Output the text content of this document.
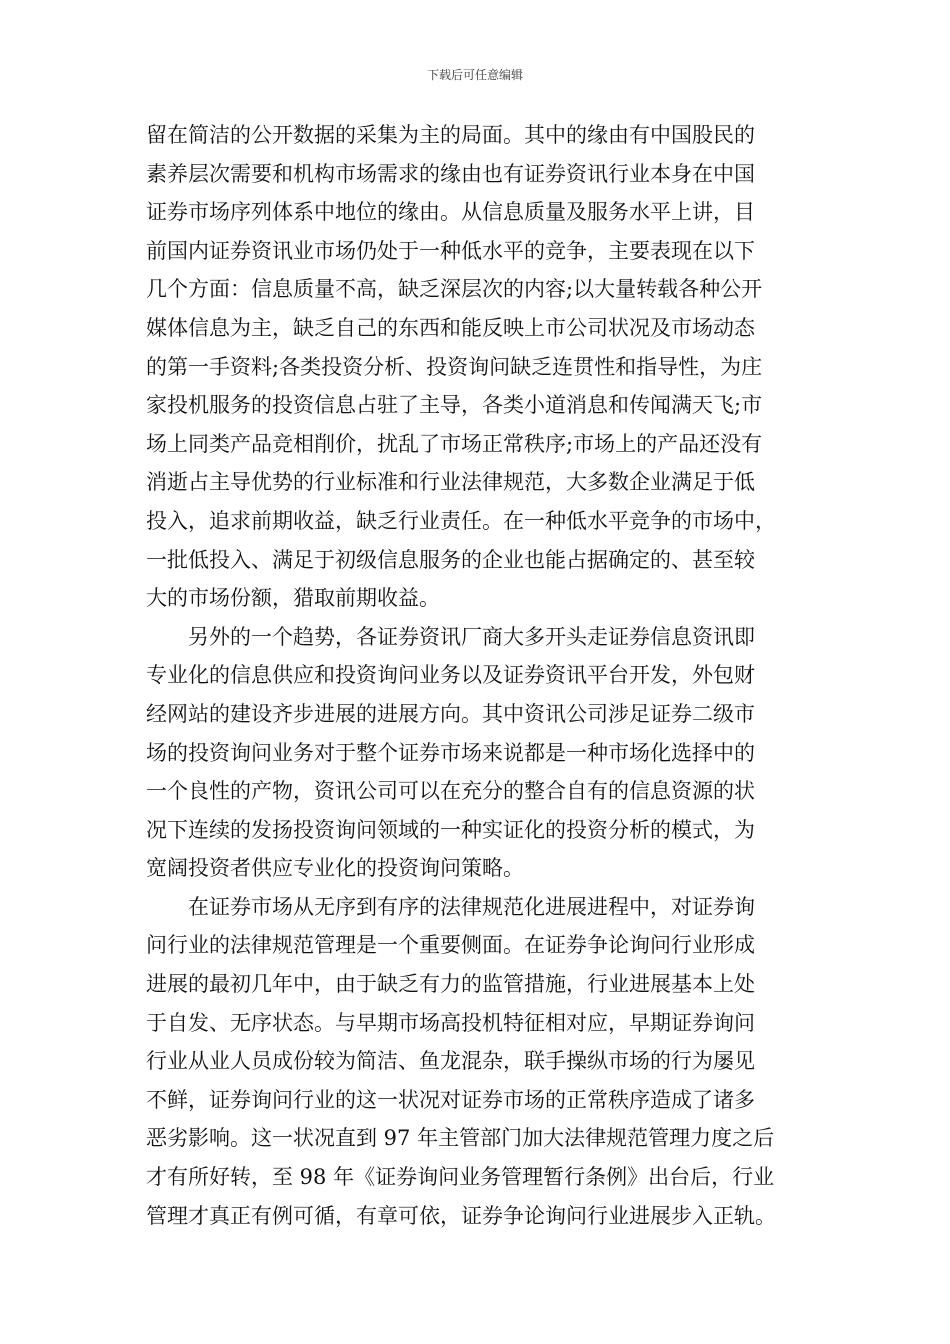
下载后可任意编辑

留在简洁的公开数据的采集为主的局面。其中的缘由有中国股民的
素养层次需要和机构市场需求的缘由也有证券资讯行业本身在中国
证券市场序列体系中地位的缘由。从信息质量及服务水平上讲，目
前国内证券资讯业市场仍处于一种低水平的竞争，主要表现在以下
几个方面：信息质量不高，缺乏深层次的内容;以大量转载各种公开
媒体信息为主，缺乏自己的东西和能反映上市公司状况及市场动态
的第一手资料;各类投资分析、投资询问缺乏连贯性和指导性，为庄
家投机服务的投资信息占驻了主导，各类小道消息和传闻满天飞;市
场上同类产品竞相削价，扰乱了市场正常秩序;市场上的产品还没有
消逝占主导优势的行业标准和行业法律规范，大多数企业满足于低
投入，追求前期收益，缺乏行业责任。在一种低水平竞争的市场中，
一批低投入、满足于初级信息服务的企业也能占据确定的、甚至较
大的市场份额，猎取前期收益。

另外的一个趋势，各证券资讯厂商大多开头走证券信息资讯即
专业化的信息供应和投资询问业务以及证券资讯平台开发，外包财
经网站的建设齐步进展的进展方向。其中资讯公司涉足证券二级市
场的投资询问业务对于整个证券市场来说都是一种市场化选择中的
一个良性的产物，资讯公司可以在充分的整合自有的信息资源的状
况下连续的发扬投资询问领域的一种实证化的投资分析的模式，为
宽阔投资者供应专业化的投资询问策略。

在证券市场从无序到有序的法律规范化进展进程中，对证券询
问行业的法律规范管理是一个重要侧面。在证券争论询问行业形成
进展的最初几年中，由于缺乏有力的监管措施，行业进展基本上处
于自发、无序状态。与早期市场高投机特征相对应，早期证券询问
行业从业人员成份较为简洁、鱼龙混杂，联手操纵市场的行为屡见
不鲜，证券询问行业的这一状况对证券市场的正常秩序造成了诸多
恶劣影响。这一状况直到 97 年主管部门加大法律规范管理力度之后
才有所好转，至 98 年《证券询问业务管理暂行条例》出台后，行业
管理才真正有例可循，有章可依，证券争论询问行业进展步入正轨。
